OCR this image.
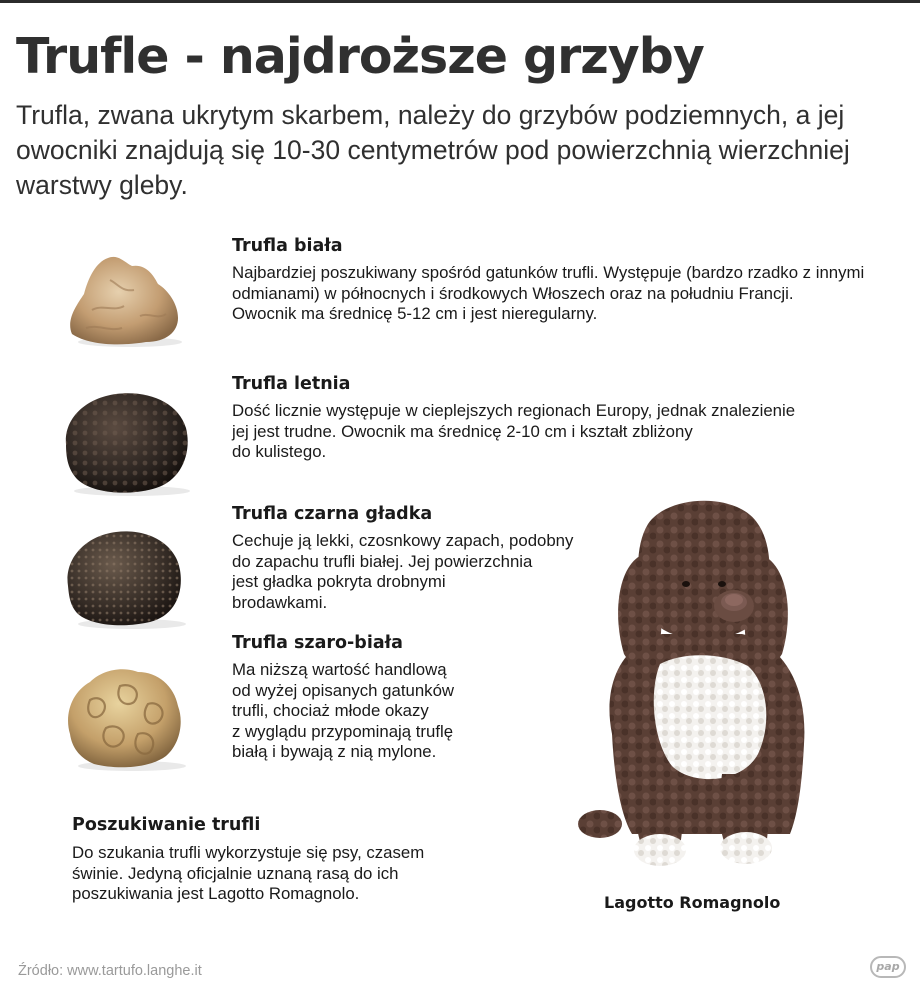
Trufle - najdroższe grzyby

Trufla, zwana ukrytym skarbem, należy do grzybów podziemnych, a jej owocniki znajdują się 10-30 centymetrów pod powierzchnią wierzchniej warstwy gleby.

Trufla biała
Najbardziej poszukiwany spośród gatunków trufli. Występuje (bardzo rzadko z innymi
odmianami) w północnych i środkowych Włoszech oraz na południu Francji.
Owocnik ma średnicę 5-12 cm i jest nieregularny.
Trufla letnia
Dość licznie występuje w cieplejszych regionach Europy, jednak znalezienie
jej jest trudne. Owocnik ma średnicę 2-10 cm i kształt zbliżony
do kulistego.
Trufla czarna gładka
Cechuje ją lekki, czosnkowy zapach, podobny
do zapachu trufli białej. Jej powierzchnia
jest gładka pokryta drobnymi
brodawkami.
Trufla szaro-biała
Ma niższą wartość handlową
od wyżej opisanych gatunków
trufli, chociaż młode okazy
z wyglądu przypominają truflę
białą i bywają z nią mylone.
Poszukiwanie trufli
Do szukania trufli wykorzystuje się psy, czasem
świnie. Jedyną oficjalnie uznaną rasą do ich
poszukiwania jest Lagotto Romagnolo.	Lagotto Romagnolo
Źródło: www.tartufo.langhe.it	pap
